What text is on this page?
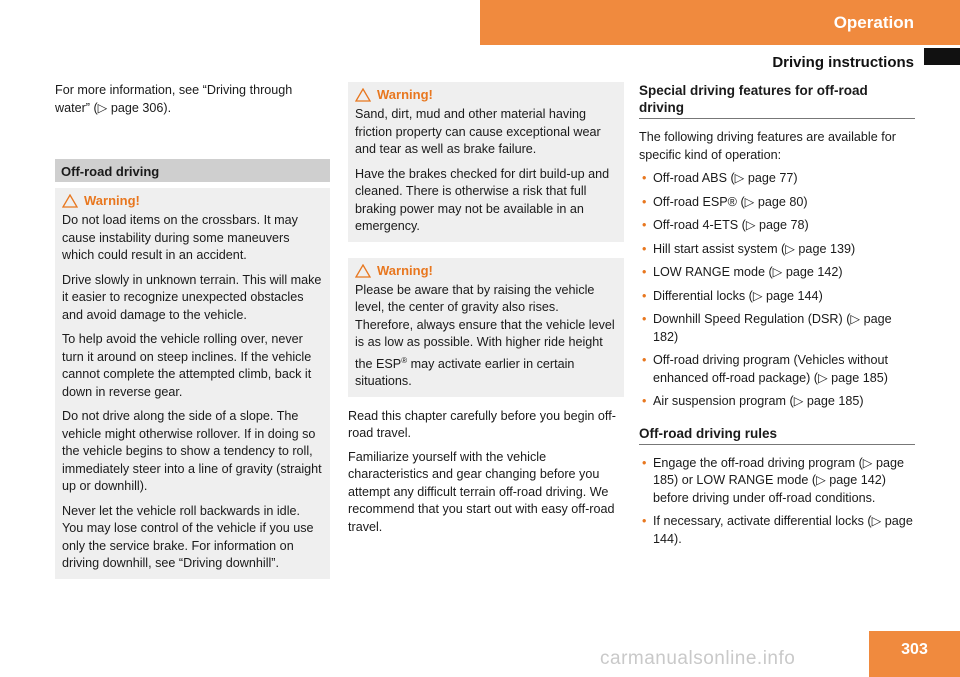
Operation
Driving instructions

For more information, see “Driving through water” (▷ page 306).

Off-road driving
Warning!

Do not load items on the crossbars. It may cause instability during some maneuvers which could result in an accident.

Drive slowly in unknown terrain. This will make it easier to recognize unexpected obstacles and avoid damage to the vehicle.

To help avoid the vehicle rolling over, never turn it around on steep inclines. If the vehicle cannot complete the attempted climb, back it down in reverse gear.

Do not drive along the side of a slope. The vehicle might otherwise rollover. If in doing so the vehicle begins to show a tendency to roll, immediately steer into a line of gravity (straight up or downhill).

Never let the vehicle roll backwards in idle. You may lose control of the vehicle if you use only the service brake. For information on driving downhill, see “Driving downhill”.

Warning!

Sand, dirt, mud and other material having friction property can cause exceptional wear and tear as well as brake failure.

Have the brakes checked for dirt build-up and cleaned. There is otherwise a risk that full braking power may not be available in an emergency.

Warning!

Please be aware that by raising the vehicle level, the center of gravity also rises. Therefore, always ensure that the vehicle level is as low as possible. With higher ride height the ESP® may activate earlier in certain situations.

Read this chapter carefully before you begin off-road travel.

Familiarize yourself with the vehicle characteristics and gear changing before you attempt any difficult terrain off-road driving. We recommend that you start out with easy off-road travel.

Special driving features for off-road driving

The following driving features are available for specific kind of operation:

• Off-road ABS (▷ page 77)
• Off-road ESP® (▷ page 80)
• Off-road 4-ETS (▷ page 78)
• Hill start assist system (▷ page 139)
• LOW RANGE mode (▷ page 142)
• Differential locks (▷ page 144)
• Downhill Speed Regulation (DSR) (▷ page 182)
• Off-road driving program (Vehicles without enhanced off-road package) (▷ page 185)
• Air suspension program (▷ page 185)
Off-road driving rules
• Engage the off-road driving program (▷ page 185) or LOW RANGE mode (▷ page 142) before driving under off-road conditions.
• If necessary, activate differential locks (▷ page 144).
carmanualsonline.info	303
